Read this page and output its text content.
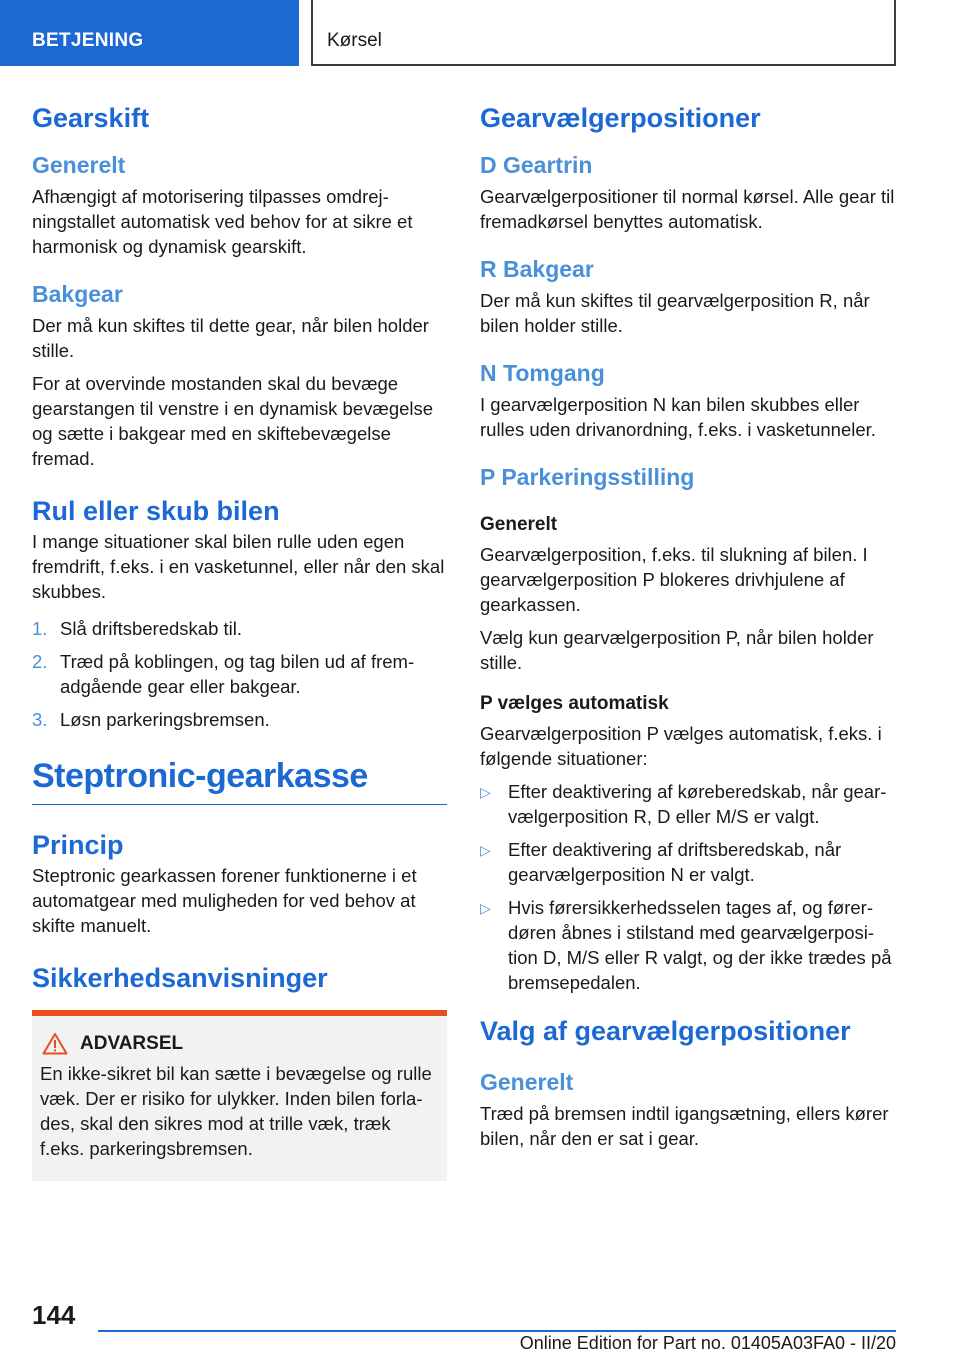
BETJENING	Kørsel
Gearskift
Generelt
Afhængigt af motorisering tilpasses omdrejningstallet automatisk ved behov for at sikre et harmonisk og dynamisk gearskift.
Bakgear
Der må kun skiftes til dette gear, når bilen holder stille.
For at overvinde mostanden skal du bevæge gearstangen til venstre i en dynamisk bevægelse og sætte i bakgear med en skiftebevægelse fremad.
Rul eller skub bilen
I mange situationer skal bilen rulle uden egen fremdrift, f.eks. i en vasketunnel, eller når den skal skubbes.
1. Slå driftsberedskab til.
2. Træd på koblingen, og tag bilen ud af fremadgående gear eller bakgear.
3. Løsn parkeringsbremsen.
Steptronic-gearkasse
Princip
Steptronic gearkassen forener funktionerne i et automatgear med muligheden for ved behov at skifte manuelt.
Sikkerhedsanvisninger
ADVARSEL
En ikke-sikret bil kan sætte i bevægelse og rulle væk. Der er risiko for ulykker. Inden bilen forlades, skal den sikres mod at trille væk, træk f.eks. parkeringsbremsen.
Gearvælgerpositioner
D Geartrin
Gearvælgerpositioner til normal kørsel. Alle gear til fremadkørsel benyttes automatisk.
R Bakgear
Der må kun skiftes til gearvælgerposition R, når bilen holder stille.
N Tomgang
I gearvælgerposition N kan bilen skubbes eller rulles uden drivanordning, f.eks. i vasketunneler.
P Parkeringsstilling
Generelt
Gearvælgerposition, f.eks. til slukning af bilen. I gearvælgerposition P blokeres drivhjulene af gearkassen.
Vælg kun gearvælgerposition P, når bilen holder stille.
P vælges automatisk
Gearvælgerposition P vælges automatisk, f.eks. i følgende situationer:
▷ Efter deaktivering af køreberedskab, når gearvælgerposition R, D eller M/S er valgt.
▷ Efter deaktivering af driftsberedskab, når gearvælgerposition N er valgt.
▷ Hvis førersikkerhedsselen tages af, og førerdøren åbnes i stilstand med gearvælgerposition D, M/S eller R valgt, og der ikke trædes på bremsepedalen.
Valg af gearvælgerpositioner
Generelt
Træd på bremsen indtil igangsætning, ellers kører bilen, når den er sat i gear.
144
Online Edition for Part no. 01405A03FA0 - II/20
